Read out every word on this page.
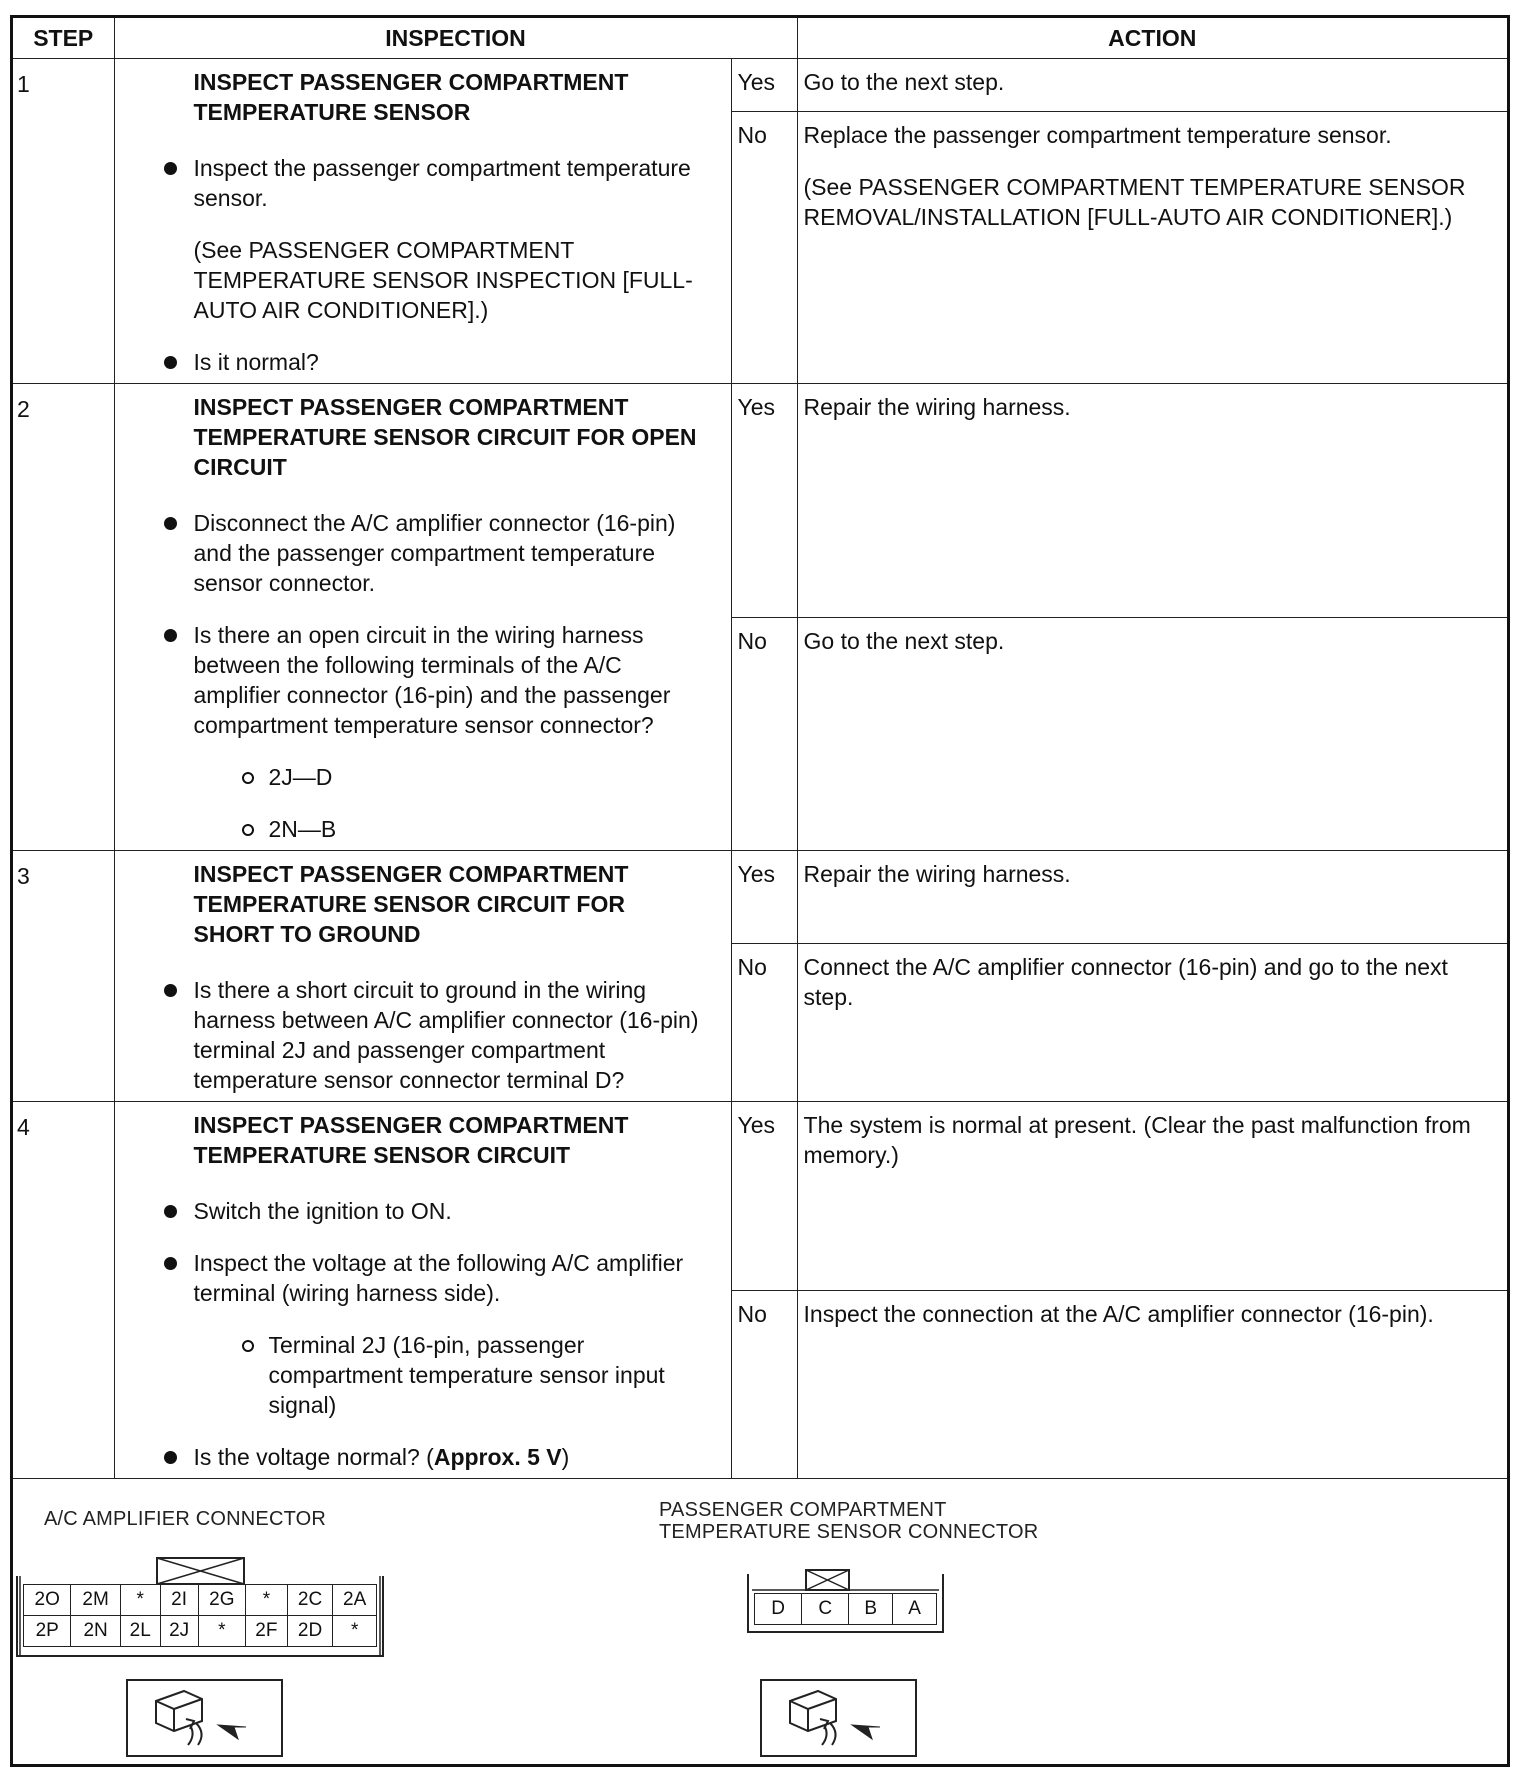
STEP	INSPECTION		ACTION
1	INSPECT PASSENGER COMPARTMENT TEMPERATURE SENSOR
Inspect the passenger compartment temperature sensor.
(See PASSENGER COMPARTMENT TEMPERATURE SENSOR INSPECTION [FULL-AUTO AIR CONDITIONER].)
Is it normal?	Yes	Go to the next step.
		No	Replace the passenger compartment temperature sensor.

(See PASSENGER COMPARTMENT TEMPERATURE SENSOR REMOVAL/INSTALLATION [FULL-AUTO AIR CONDITIONER].)

2	INSPECT PASSENGER COMPARTMENT TEMPERATURE SENSOR CIRCUIT FOR OPEN CIRCUIT
Disconnect the A/C amplifier connector (16-pin) and the passenger compartment temperature sensor connector.
Is there an open circuit in the wiring harness between the following terminals of the A/C amplifier connector (16-pin) and the passenger compartment temperature sensor connector?
2J—D
2N—B	Yes	Repair the wiring harness.
		No	Go to the next step.
3	INSPECT PASSENGER COMPARTMENT TEMPERATURE SENSOR CIRCUIT FOR SHORT TO GROUND
Is there a short circuit to ground in the wiring harness between A/C amplifier connector (16-pin) terminal 2J and passenger compartment temperature sensor connector terminal D?	Yes	Repair the wiring harness.
		No	Connect the A/C amplifier connector (16-pin) and go to the next step.
4	INSPECT PASSENGER COMPARTMENT TEMPERATURE SENSOR CIRCUIT
Switch the ignition to ON.
Inspect the voltage at the following A/C amplifier terminal (wiring harness side).
Terminal 2J (16-pin, passenger compartment temperature sensor input signal)
Is the voltage normal? (Approx. 5 V)	Yes	The system is normal at present. (Clear the past malfunction from memory.)
		No	Inspect the connection at the A/C amplifier connector (16-pin).
A/C AMPLIFIER CONNECTOR	PASSENGER COMPARTMENT
TEMPERATURE SENSOR CONNECTOR
2O	2M	*	2I	2G	*	2C	2A
2P	2N	2L	2J	*	2F	2D	*
D	C	B	A
